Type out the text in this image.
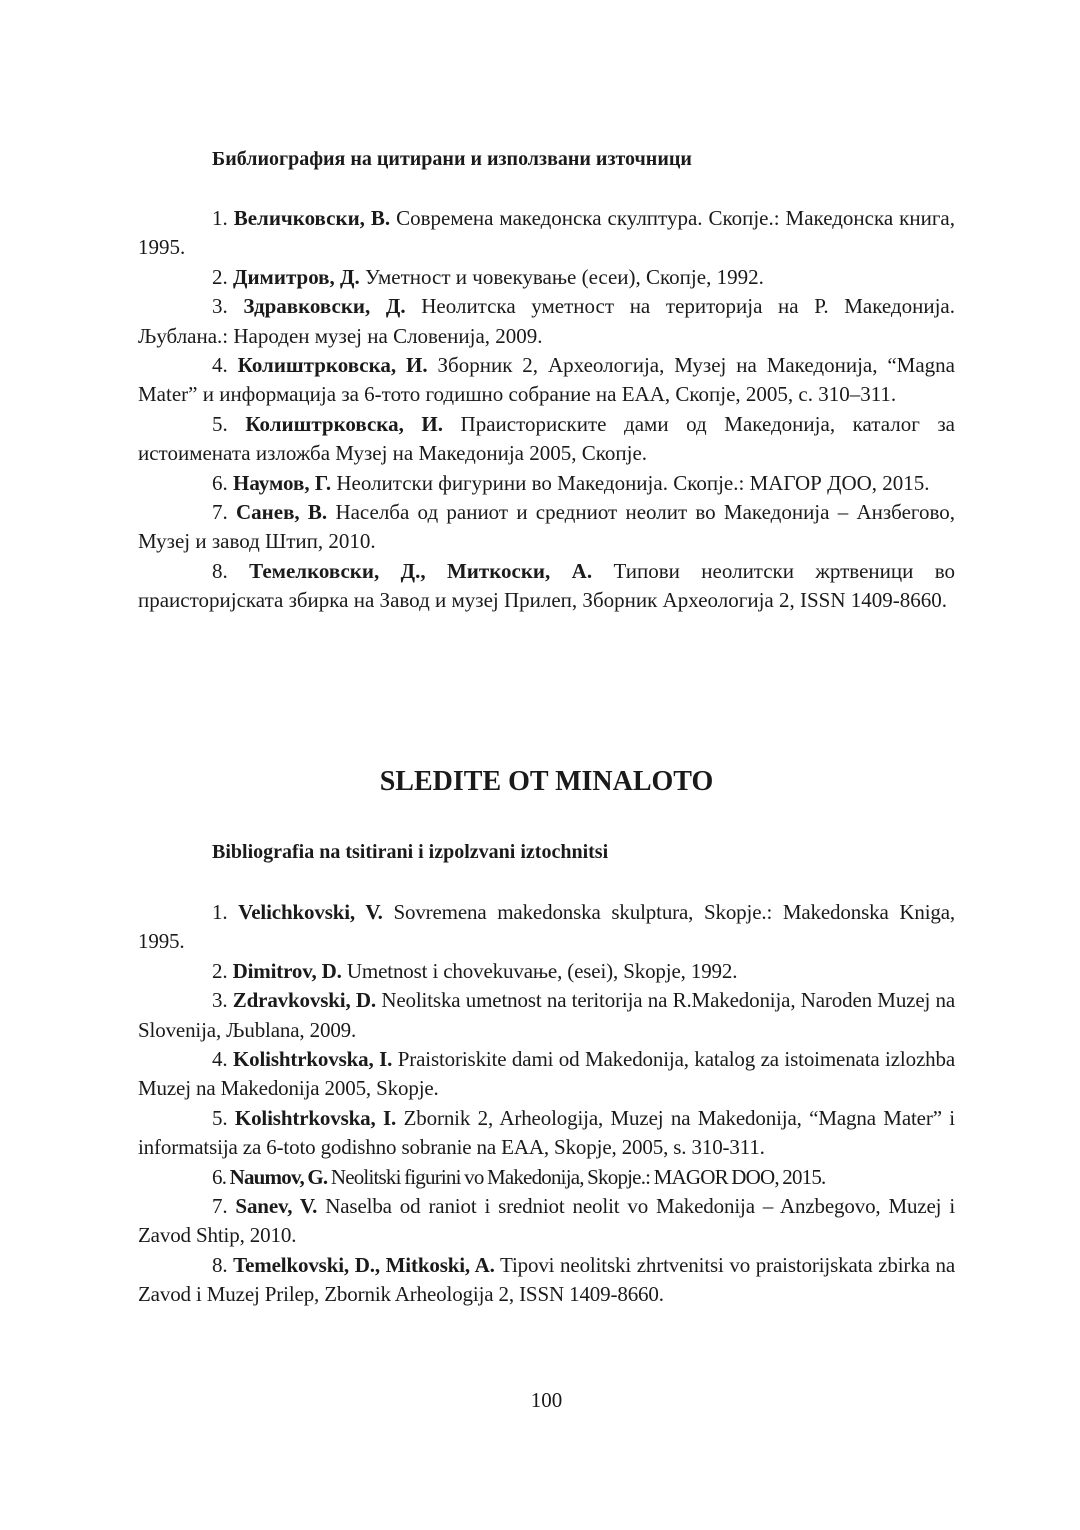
Библиография на цитирани и използвани източници
1. Величковски, В. Современа македонска скулптура. Скопје.: Македонска книга, 1995.
2. Димитров, Д. Уметност и човекување (есеи), Скопје, 1992.
3. Здравковски, Д. Неолитска уметност на територија на Р. Македонија. Љублана.: Народен музеј на Словенија, 2009.
4. Колиштрковска, И. Зборник 2, Археологија, Музеј на Македонија, “Magna Mater” и информација за 6-тото годишно собрание на EAA, Скопје, 2005, с. 310–311.
5. Колиштрковска, И. Праисториските дами од Македонија, каталог за истоимената изложба Музеј на Македонија 2005, Скопје.
6. Наумов, Г. Неолитски фигурини во Македонија. Скопје.: МАГОР ДОО, 2015.
7. Санев, В. Населба од раниот и средниот неолит во Македонија – Анзбегово, Музеј и завод Штип, 2010.
8. Темелковски, Д., Миткоски, А. Типови неолитски жртвеници во праисторијската збирка на Завод и музеј Прилеп, Зборник Археологија 2, ISSN 1409-8660.
SLEDITE OT MINALOTO
Bibliografia na tsitirani i izpolzvani iztochnitsi
1. Velichkovski, V. Sovremena makedonska skulptura, Skopje.: Makedonska Kniga, 1995.
2. Dimitrov, D. Umetnost i chovekuvaње, (esei), Skopje, 1992.
3. Zdravkovski, D. Neolitska umetnost na teritorija na R.Makedonija, Naroden Muzej na Slovenija, Љublana, 2009.
4. Kolishtrkovska, I. Praistoriskite dami od Makedonija, katalog za istoimenata izlozhba Muzej na Makedonija 2005, Skopje.
5. Kolishtrkovska, I. Zbornik 2, Arheologija, Muzej na Makedonija, “Magna Mater” i informatsija za 6-toto godishno sobranie na EAA, Skopje, 2005, s. 310-311.
6. Naumov, G. Neolitski figurini vo Makedonija, Skopje.: MAGOR DOO, 2015.
7. Sanev, V. Naselba od raniot i sredniot neolit vo Makedonija – Anzbegovo, Muzej i Zavod Shtip, 2010.
8. Temelkovski, D., Mitkoski, A. Tipovi neolitski zhrtvenitsi vo praistorijskata zbirka na Zavod i Muzej Prilep, Zbornik Arheologija 2, ISSN 1409-8660.
100
